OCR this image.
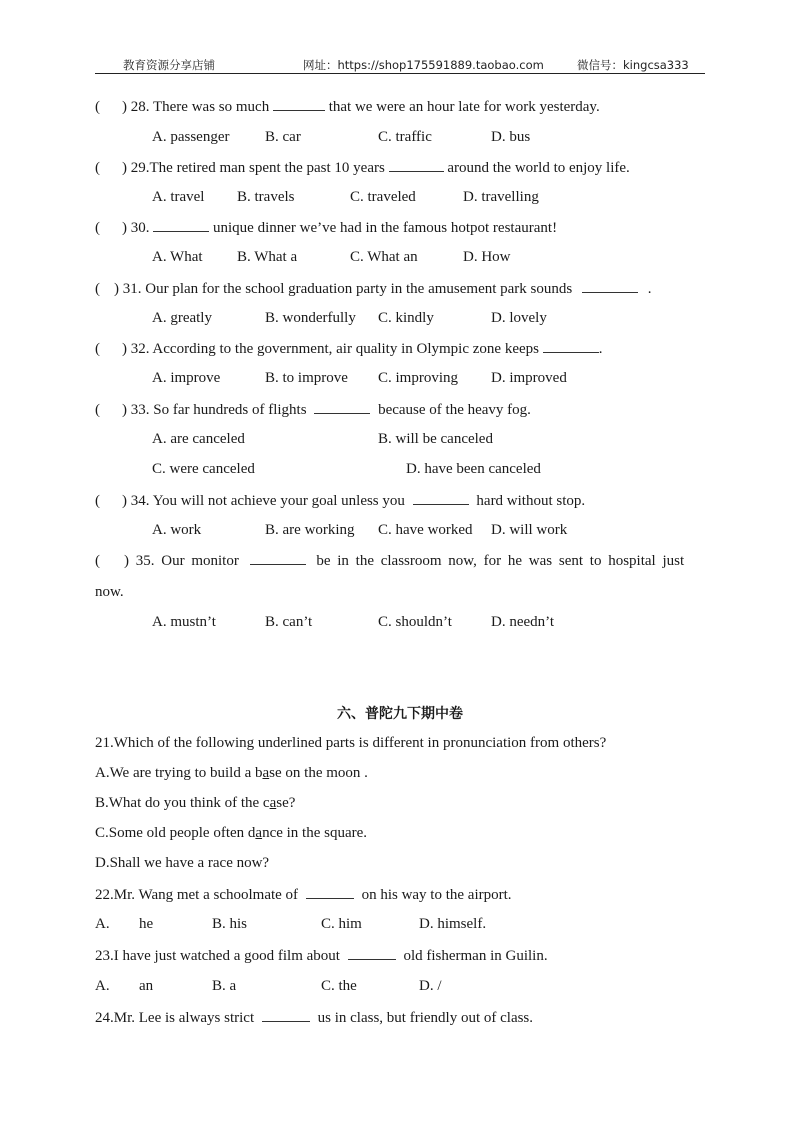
教育资源分享店铺	网址：https://shop175591889.taobao.com	微信号：kingcsa333
( ) 28. There was so much	that we were an hour late for work yesterday.
A. passenger B. car	C. traffic	D. bus
( ) 29.The retired man spent the past 10 years	around the world to enjoy life.
A. travel B. travels	C. traveled	D. travelling
( ) 30.	unique dinner we’ve had in the famous hotpot restaurant!
A. What B. What a	C. What an	D. How
( ) 31. Our plan for the school graduation party in the amusement park sounds	.
A. greatly	B. wonderfully C. kindly	D. lovely
( ) 32. According to the government, air quality in Olympic zone keeps	.
A. improve	B. to improve C. improving D. improved
( ) 33. So far hundreds of flights	because of the heavy fog.
A. are canceled	B. will be canceled
C. were canceled	D. have been canceled
( ) 34. You will not achieve your goal unless you	hard without stop.
A. work	B. are working C. have worked D. will work
( ) 35. Our monitor	be in the classroom now, for he was sent to hospital just
now.
A. mustn’t	B. can’t	C. shouldn’t	D. needn’t
六、普陀九下期中卷
21.Which of the following underlined parts is different in pronunciation from others?
A.We are trying to build a base on the moon .
B.What do you think of the case?
C.Some old people often dance in the square.
D.Shall we have a race now?
22.Mr. Wang met a schoolmate of	on his way to the airport.
A. he	B. his	C. him	D. himself.
23.I have just watched a good film about	old fisherman in Guilin.
A. an	B. a	C. the	D. /
24.Mr. Lee is always strict	us in class, but friendly out of class.
